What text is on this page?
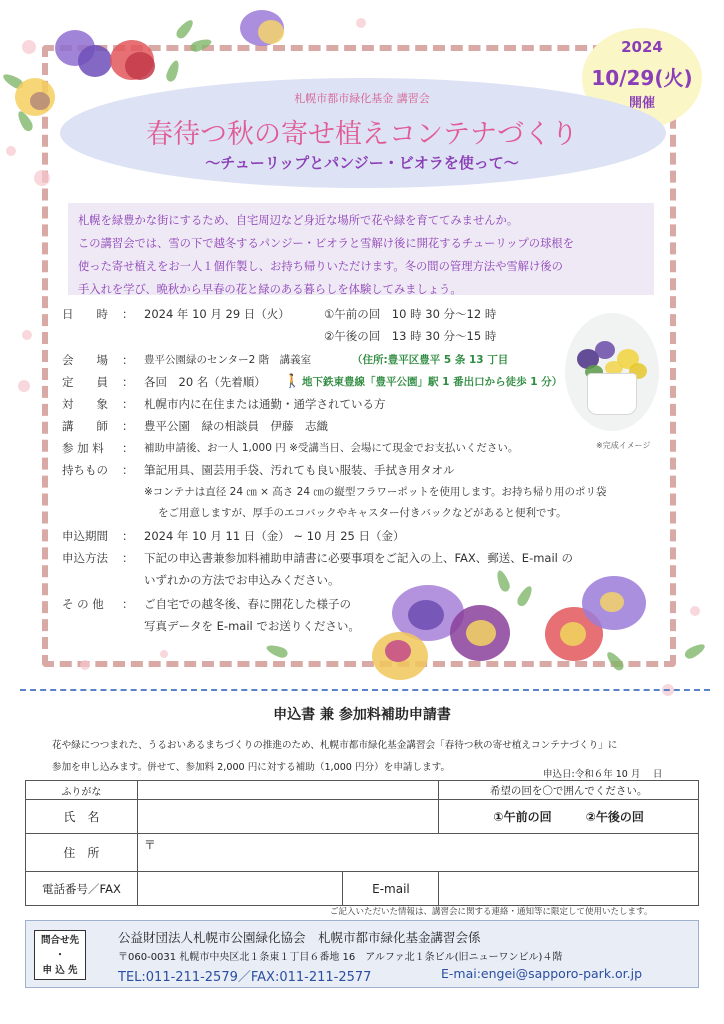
2024
10/29(火)
開催
札幌市都市緑化基金 講習会
春待つ秋の寄せ植えコンテナづくり
～チューリップとパンジー・ビオラを使って～

札幌を緑豊かな街にするため、自宅周辺など身近な場所で花や緑を育ててみませんか。

この講習会では、雪の下で越冬するパンジー・ビオラと雪解け後に開花するチューリップの球根を

使った寄せ植えをお一人１個作製し、お持ち帰りいただけます。冬の間の管理方法や雪解け後の

手入れを学び、晩秋から早春の花と緑のある暮らしを体験してみましょう。

日　　時	： 2024 年 10 月 29 日（火）	①午前の回　10 時 30 分～12 時
②午後の回　13 時 30 分～15 時
会　　場	： 豊平公園緑のセンター2 階　講義室	（住所:豊平区豊平 5 条 13 丁目
定　　員	： 各回　20 名（先着順） 🚶 地下鉄東豊線「豊平公園」駅 1 番出口から徒歩 1 分）
対　　象	： 札幌市内に在住または通勤・通学されている方
講　　師	： 豊平公園　緑の相談員　伊藤　志織
参 加 料	： 補助申請後、お一人 1,000 円 ※受講当日、会場にて現金でお支払いください。
持ちもの	： 筆記用具、園芸用手袋、汚れても良い服装、手拭き用タオル
※コンテナは直径 24 ㎝ × 高さ 24 ㎝の縦型フラワーポットを使用します。お持ち帰り用のポリ袋
をご用意しますが、厚手のエコバックやキャスター付きバックなどがあると便利です。
申込期間	： 2024 年 10 月 11 日（金） ~ 10 月 25 日（金）
申込方法	： 下記の申込書兼参加料補助申請書に必要事項をご記入の上、FAX、郵送、E-mail の
いずれかの方法でお申込みください。
そ の 他	： ご自宅での越冬後、春に開花した様子の
写真データを E-mail でお送りください。
※完成イメージ
申込書 兼 参加料補助申請書
花や緑につつまれた、うるおいあるまちづくりの推進のため、札幌市都市緑化基金講習会「春待つ秋の寄せ植えコンテナづくり」に
参加を申し込みます。併せて、参加料 2,000 円に対する補助（1,000 円分）を申請します。
申込日:令和６年 10 月　 日
ふりがな			希望の回を〇で囲んでください。
氏　名			①午前の回 ②午後の回
住　所	〒		
電話番号／FAX		E-mail	
ご記入いただいた情報は、講習会に関する連絡・通知等に限定して使用いたします。
問合せ先
・
申 込 先
公益財団法人札幌市公園緑化協会　札幌市都市緑化基金講習会係
〒060-0031 札幌市中央区北１条東１丁目６番地 16　アルファ北１条ビル(旧ニューワンビル)４階
TEL:011-211-2579／FAX:011-211-2577	E-mai:engei@sapporo-park.or.jp
